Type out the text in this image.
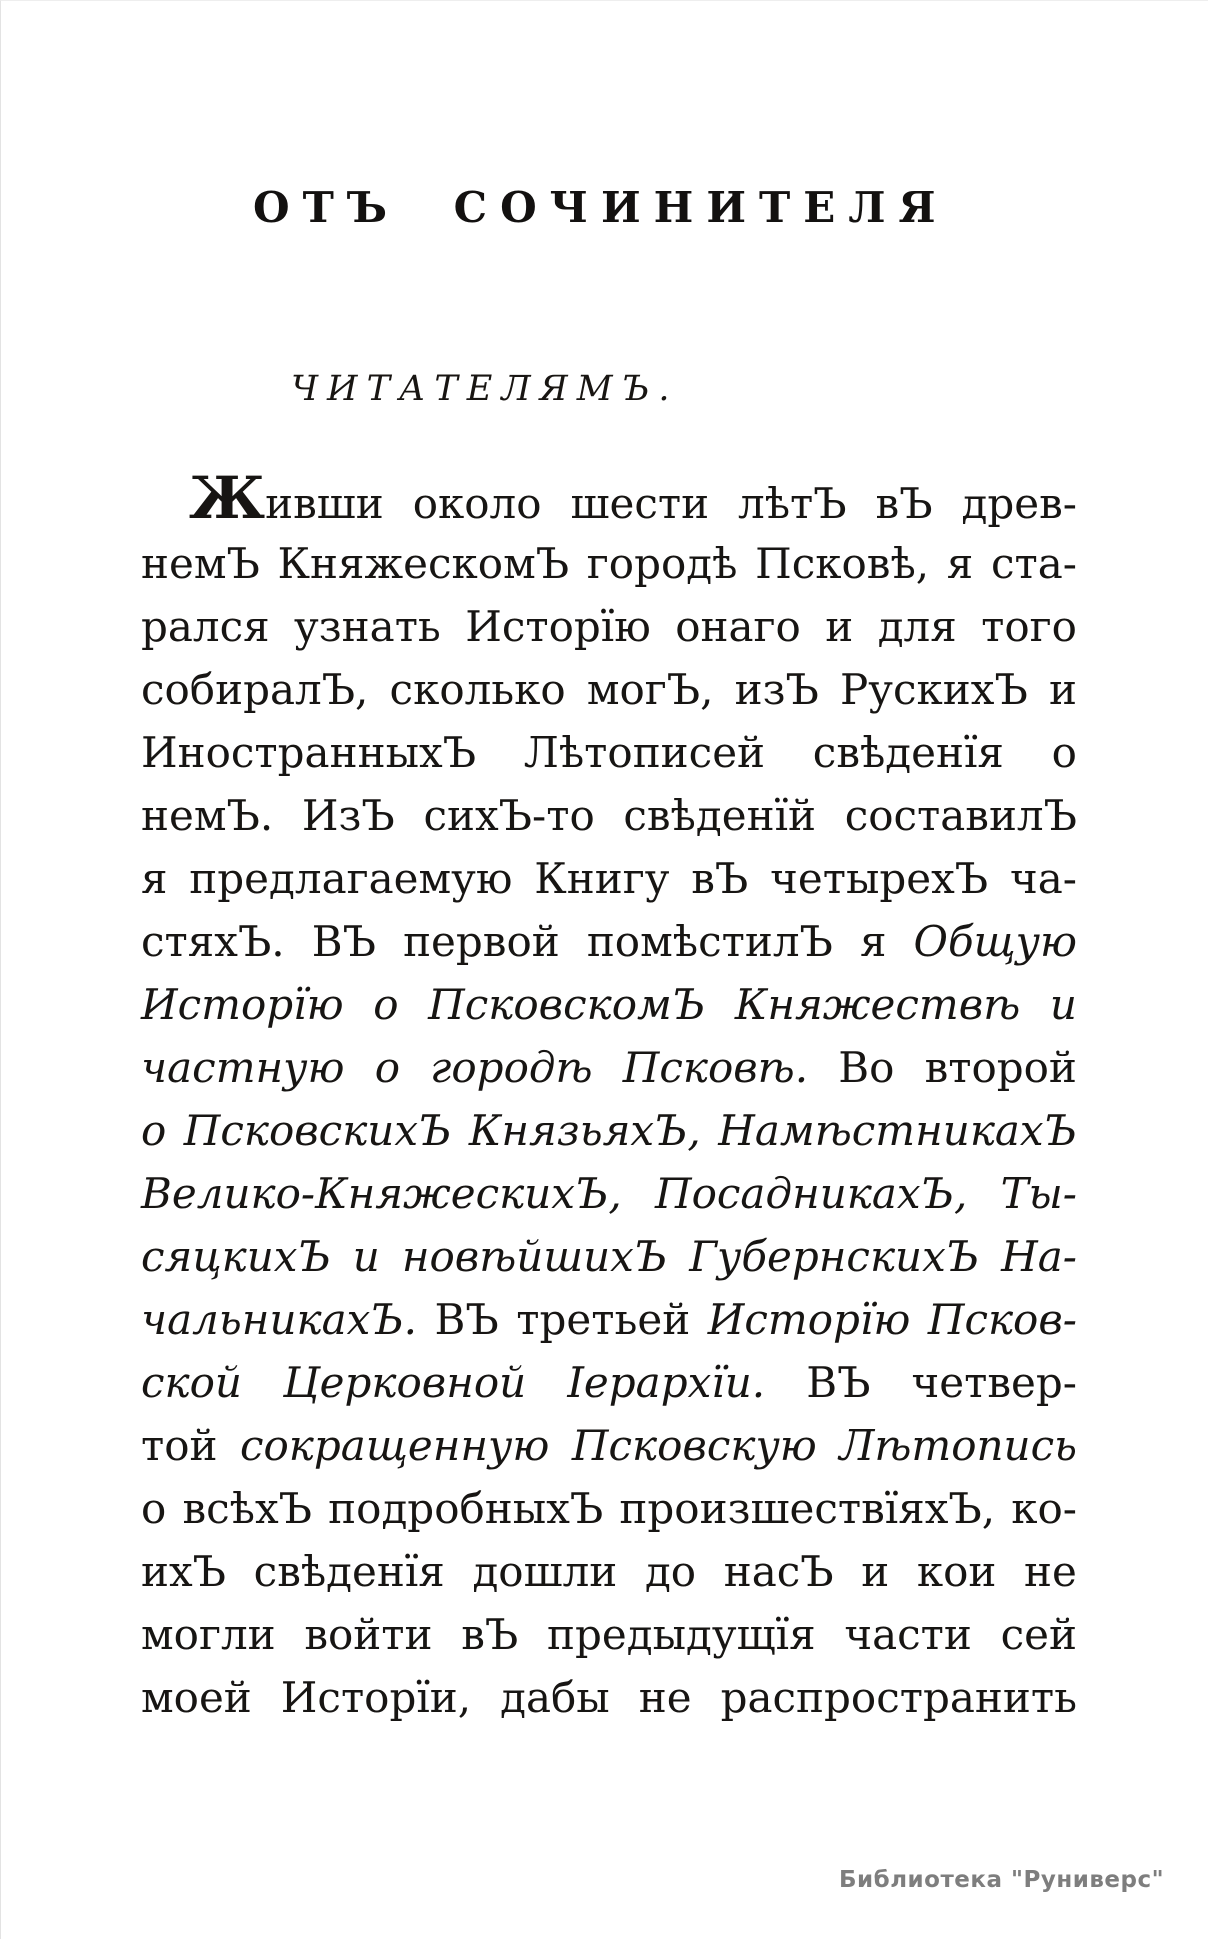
ОТЪ СОЧИНИТЕЛЯ
ЧИТАТЕЛЯМЪ.
Живши около шести лѣтЪ вЪ древ-
немЪ КняжескомЪ городѣ Псковѣ, я ста-
рался узнать Исторїю онаго и для того
собиралЪ, сколько могЪ, изЪ РускихЪ и
ИностранныхЪ Лѣтописей свѣденїя о
немЪ. ИзЪ сихЪ-то свѣденїй составилЪ
я предлагаемую Книгу вЪ четырехЪ ча-
стяхЪ. ВЪ первой помѣстилЪ я Общую
Исторїю о ПсковскомЪ Княжествѣ и
частную о городѣ Псковѣ. Во второй
о ПсковскихЪ КнязьяхЪ, НамѣстникахЪ
Велико-КняжескихЪ, ПосадникахЪ, Ты-
сяцкихЪ и новѣйшихЪ ГубернскихЪ На-
чальникахЪ. ВЪ третьей Исторїю Псков-
ской Церковной Іерархїи. ВЪ четвер-
той сокращенную Псковскую Лѣтопись
о всѣхЪ подробныхЪ произшествїяхЪ, ко-
ихЪ свѣденїя дошли до насЪ и кои не
могли войти вЪ предыдущїя части сей
моей Исторїи, дабы не распространить
Библиотека "Руниверс"
